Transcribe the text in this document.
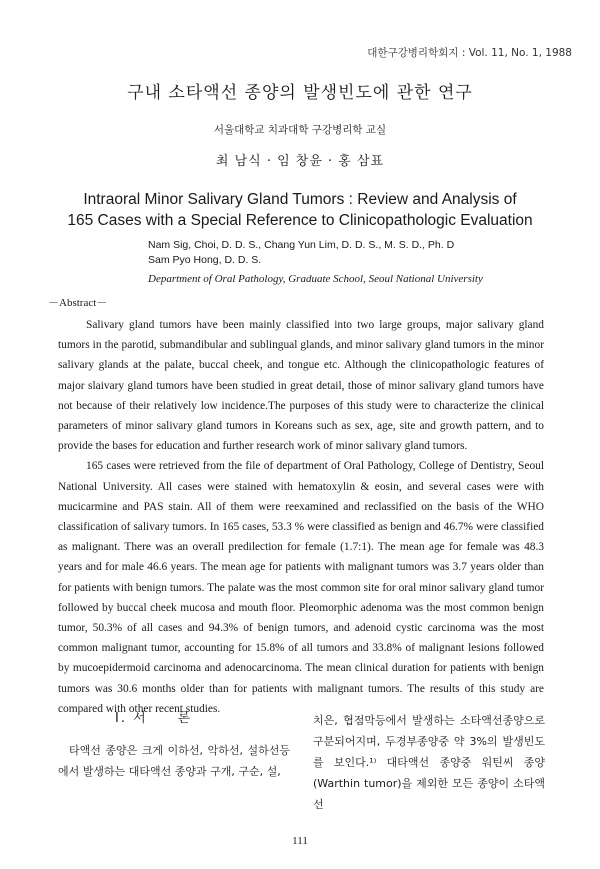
대한구강병리학회지 : Vol. 11, No. 1, 1988
구내 소타액선 종양의 발생빈도에 관한 연구
서울대학교 치과대학 구강병리학 교실
최 남식 · 임 창윤 · 홍 삼표
Intraoral Minor Salivary Gland Tumors : Review and Analysis of
165 Cases with a Special Reference to Clinicopathologic Evaluation
Nam Sig, Choi, D. D. S., Chang Yun Lim, D. D. S., M. S. D., Ph. D
Sam Pyo Hong, D. D. S.
Department of Oral Pathology, Graduate School, Seoul National University
－Abstract－

Salivary gland tumors have been mainly classified into two large groups, major salivary gland tumors in the parotid, submandibular and sublingual glands, and minor salivary gland tumors in the minor salivary glands at the palate, buccal cheek, and tongue etc. Although the clinicopathologic features of major slaivary gland tumors have been studied in great detail, those of minor salivary gland tumors have not because of their relatively low incidence.The purposes of this study were to characterize the clinical parameters of minor salivary gland tumors in Koreans such as sex, age, site and growth pattern, and to provide the bases for education and further research work of minor salivary gland tumors.

165 cases were retrieved from the file of department of Oral Pathology, College of Dentistry, Seoul National University. All cases were stained with hematoxylin & eosin, and several cases were with mucicarmine and PAS stain. All of them were reexamined and reclassified on the basis of the WHO classification of salivary tumors. In 165 cases, 53.3 % were classified as benign and 46.7% were classified as malignant. There was an overall predilection for female (1.7:1). The mean age for female was 48.3 years and for male 46.6 years. The mean age for patients with malignant tumors was 3.7 years older than for patients with benign tumors. The palate was the most common site for oral minor salivary gland tumor followed by buccal cheek mucosa and mouth floor. Pleomorphic adenoma was the most common benign tumor, 50.3% of all cases and 94.3% of benign tumors, and adenoid cystic carcinoma was the most common malignant tumor, accounting for 15.8% of all tumors and 33.8% of malignant lesions followed by mucoepidermoid carcinoma and adenocarcinoma. The mean clinical duration for patients with benign tumors was 30.6 months older than for patients with malignant tumors. The results of this study are compared with other recent studies.

Ⅰ. 서　　론

타액선 종양은 크게 이하선, 악하선, 설하선등에서 발생하는 대타액선 종양과 구개, 구순, 설,

치은, 협점막등에서 발생하는 소타액선종양으로 구분되어지며, 두경부종양중 약 3%의 발생빈도를 보인다.¹⁾ 대타액선 종양중 워틴씨 종양(Warthin tumor)을 제외한 모든 종양이 소타액선

111
